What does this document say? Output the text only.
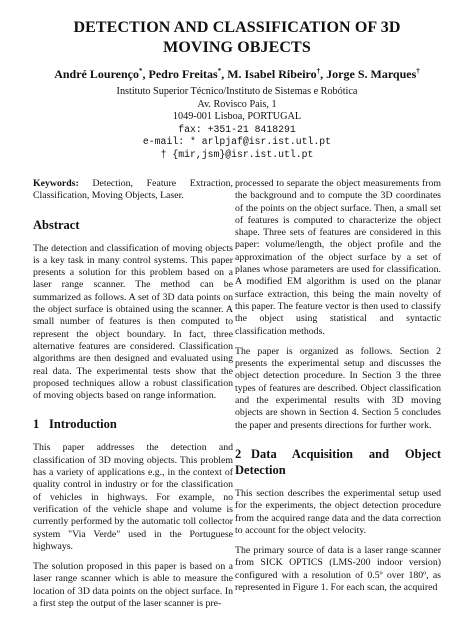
DETECTION AND CLASSIFICATION OF 3D
MOVING OBJECTS
André Lourenço*, Pedro Freitas*, M. Isabel Ribeiro†, Jorge S. Marques†
Instituto Superior Técnico/Instituto de Sistemas e Robótica
Av. Rovisco Pais, 1
1049-001 Lisboa, PORTUGAL
fax: +351-21 8418291
e-mail: * arlpjaf@isr.ist.utl.pt
† {mir,jsm}@isr.ist.utl.pt

Keywords: Detection, Feature Extraction, Classification, Moving Objects, Laser.

Abstract

The detection and classification of moving objects is a key task in many control systems. This paper presents a solution for this problem based on a laser range scanner. The method can be summarized as follows. A set of 3D data points on the object surface is obtained using the scanner. A small number of features is then computed to represent the object boundary. In fact, three alternative features are considered. Classification algorithms are then designed and evaluated using real data. The experimental tests show that the proposed techniques allow a robust classification of moving objects based on range information.

1 Introduction

This paper addresses the detection and classification of 3D moving objects. This problem has a variety of applications e.g., in the context of quality control in industry or for the classification of vehicles in highways. For example, no verification of the vehicle shape and volume is currently performed by the automatic toll collector system "Via Verde" used in the Portuguese highways.

The solution proposed in this paper is based on a laser range scanner which is able to measure the location of 3D data points on the object surface. In a first step the output of the laser scanner is pre-

processed to separate the object measurements from the background and to compute the 3D coordinates of the points on the object surface. Then, a small set of features is computed to characterize the object shape. Three sets of features are considered in this paper: volume/length, the object profile and the approximation of the object surface by a set of planes whose parameters are used for classification. A modified EM algorithm is used on the planar surface extraction, this being the main novelty of this paper. The feature vector is then used to classify the object using statistical and syntactic classification methods.

The paper is organized as follows. Section 2 presents the experimental setup and discusses the object detection procedure. In Section 3 the three types of features are described. Object classification and the experimental results with 3D moving objects are shown in Section 4. Section 5 concludes the paper and presents directions for further work.

2 Data Acquisition and Object Detection

This section describes the experimental setup used for the experiments, the object detection procedure from the acquired range data and the data correction to account for the object velocity.

The primary source of data is a laser range scanner from SICK OPTICS (LMS-200 indoor version) configured with a resolution of 0.5º over 180º, as represented in Figure 1. For each scan, the acquired
